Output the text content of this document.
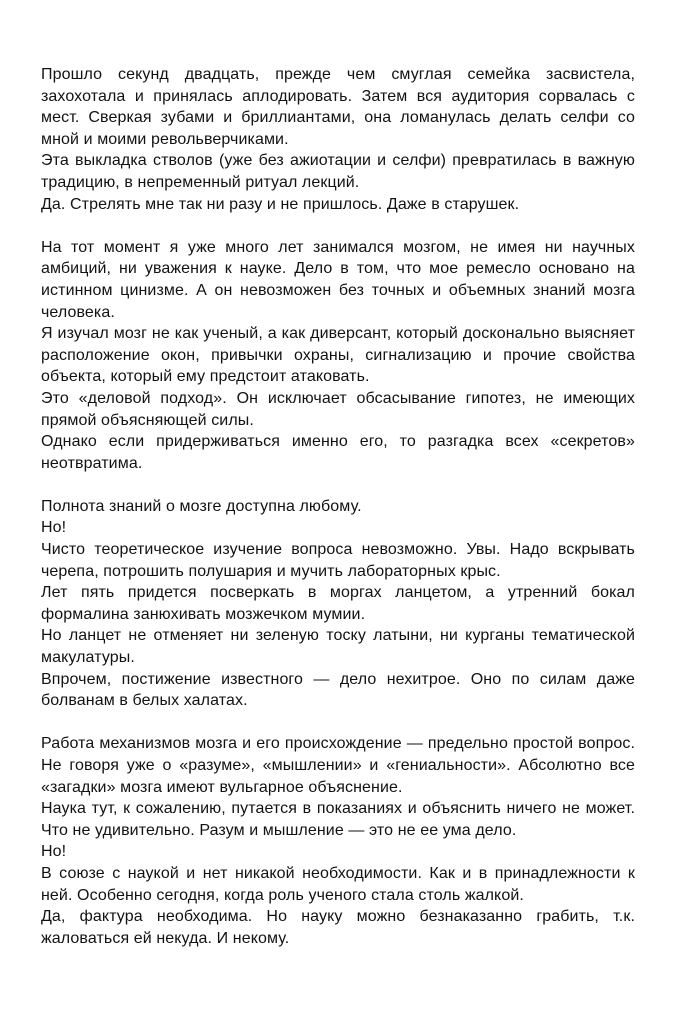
Прошло секунд двадцать, прежде чем смуглая семейка засвистела, захохотала и принялась аплодировать. Затем вся аудитория сорвалась с мест. Сверкая зубами и бриллиантами, она ломанулась делать селфи со мной и моими револьверчиками.

Эта выкладка стволов (уже без ажиотации и селфи) превратилась в важную традицию, в непременный ритуал лекций.

Да. Стрелять мне так ни разу и не пришлось. Даже в старушек.

На тот момент я уже много лет занимался мозгом, не имея ни научных амбиций, ни уважения к науке. Дело в том, что мое ремесло основано на истинном цинизме. А он невозможен без точных и объемных знаний мозга человека.

Я изучал мозг не как ученый, а как диверсант, который досконально выясняет расположение окон, привычки охраны, сигнализацию и прочие свойства объекта, который ему предстоит атаковать.

Это «деловой подход». Он исключает обсасывание гипотез, не имеющих прямой объясняющей силы.

Однако если придерживаться именно его, то разгадка всех «секретов» неотвратима.

Полнота знаний о мозге доступна любому.

Но!

Чисто теоретическое изучение вопроса невозможно. Увы. Надо вскрывать черепа, потрошить полушария и мучить лабораторных крыс.

Лет пять придется посверкать в моргах ланцетом, а утренний бокал формалина занюхивать мозжечком мумии.

Но ланцет не отменяет ни зеленую тоску латыни, ни курганы тематической макулатуры.

Впрочем, постижение известного — дело нехитрое. Оно по силам даже болванам в белых халатах.

Работа механизмов мозга и его происхождение — предельно простой вопрос. Не говоря уже о «разуме», «мышлении» и «гениальности». Абсолютно все «загадки» мозга имеют вульгарное объяснение.

Наука тут, к сожалению, путается в показаниях и объяснить ничего не может. Что не удивительно. Разум и мышление — это не ее ума дело.

Но!

В союзе с наукой и нет никакой необходимости. Как и в принадлежности к ней. Особенно сегодня, когда роль ученого стала столь жалкой.

Да, фактура необходима. Но науку можно безнаказанно грабить, т.к. жаловаться ей некуда. И некому.
